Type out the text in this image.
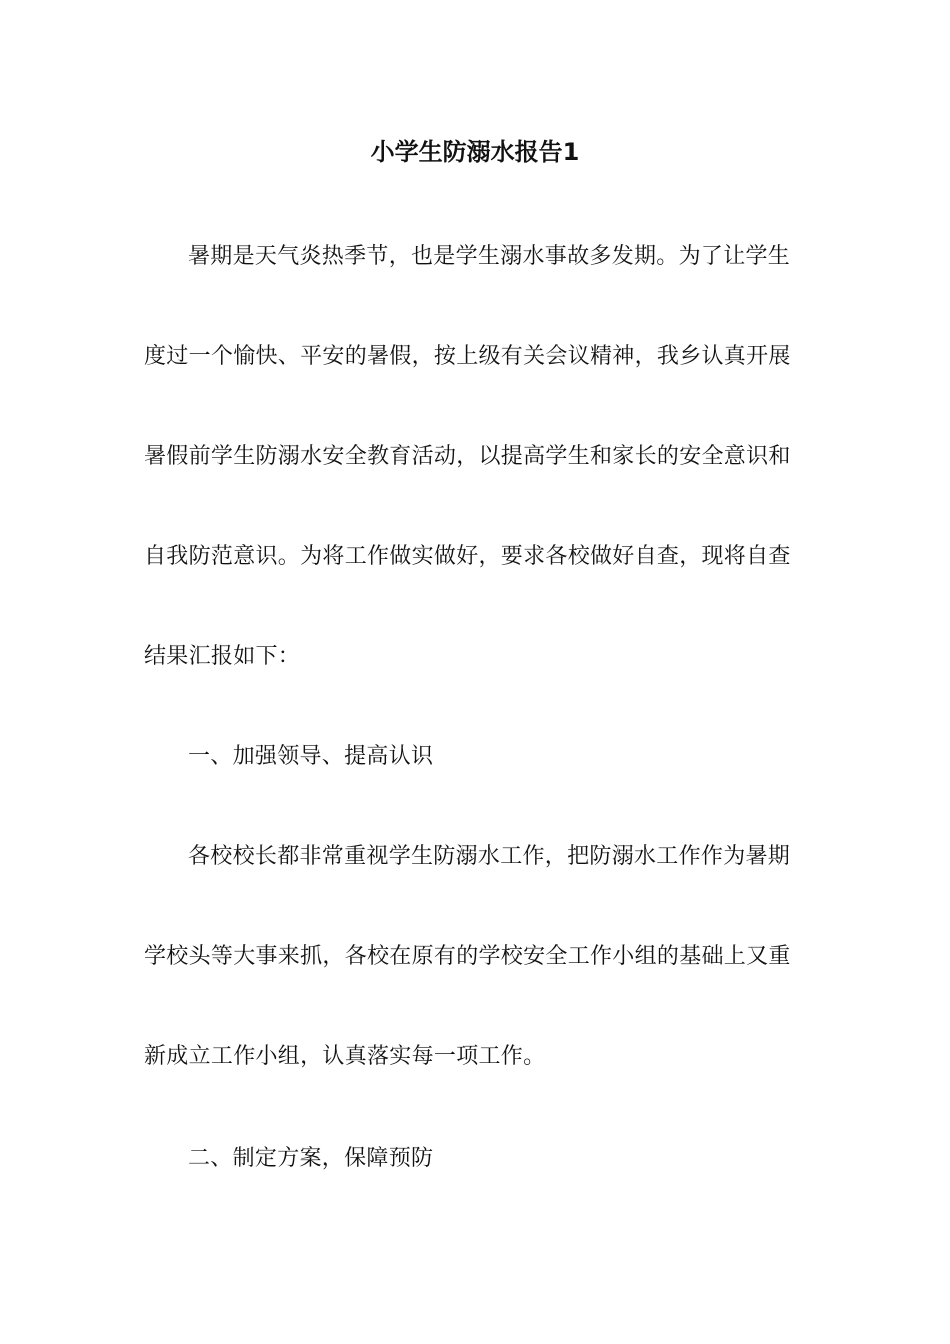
小学生防溺水报告1
暑期是天气炎热季节，也是学生溺水事故多发期。为了让学生
度过一个愉快、平安的暑假，按上级有关会议精神，我乡认真开展
暑假前学生防溺水安全教育活动，以提高学生和家长的安全意识和
自我防范意识。为将工作做实做好，要求各校做好自查，现将自查
结果汇报如下：
一、加强领导、提高认识
各校校长都非常重视学生防溺水工作，把防溺水工作作为暑期
学校头等大事来抓，各校在原有的学校安全工作小组的基础上又重
新成立工作小组，认真落实每一项工作。
二、制定方案，保障预防
